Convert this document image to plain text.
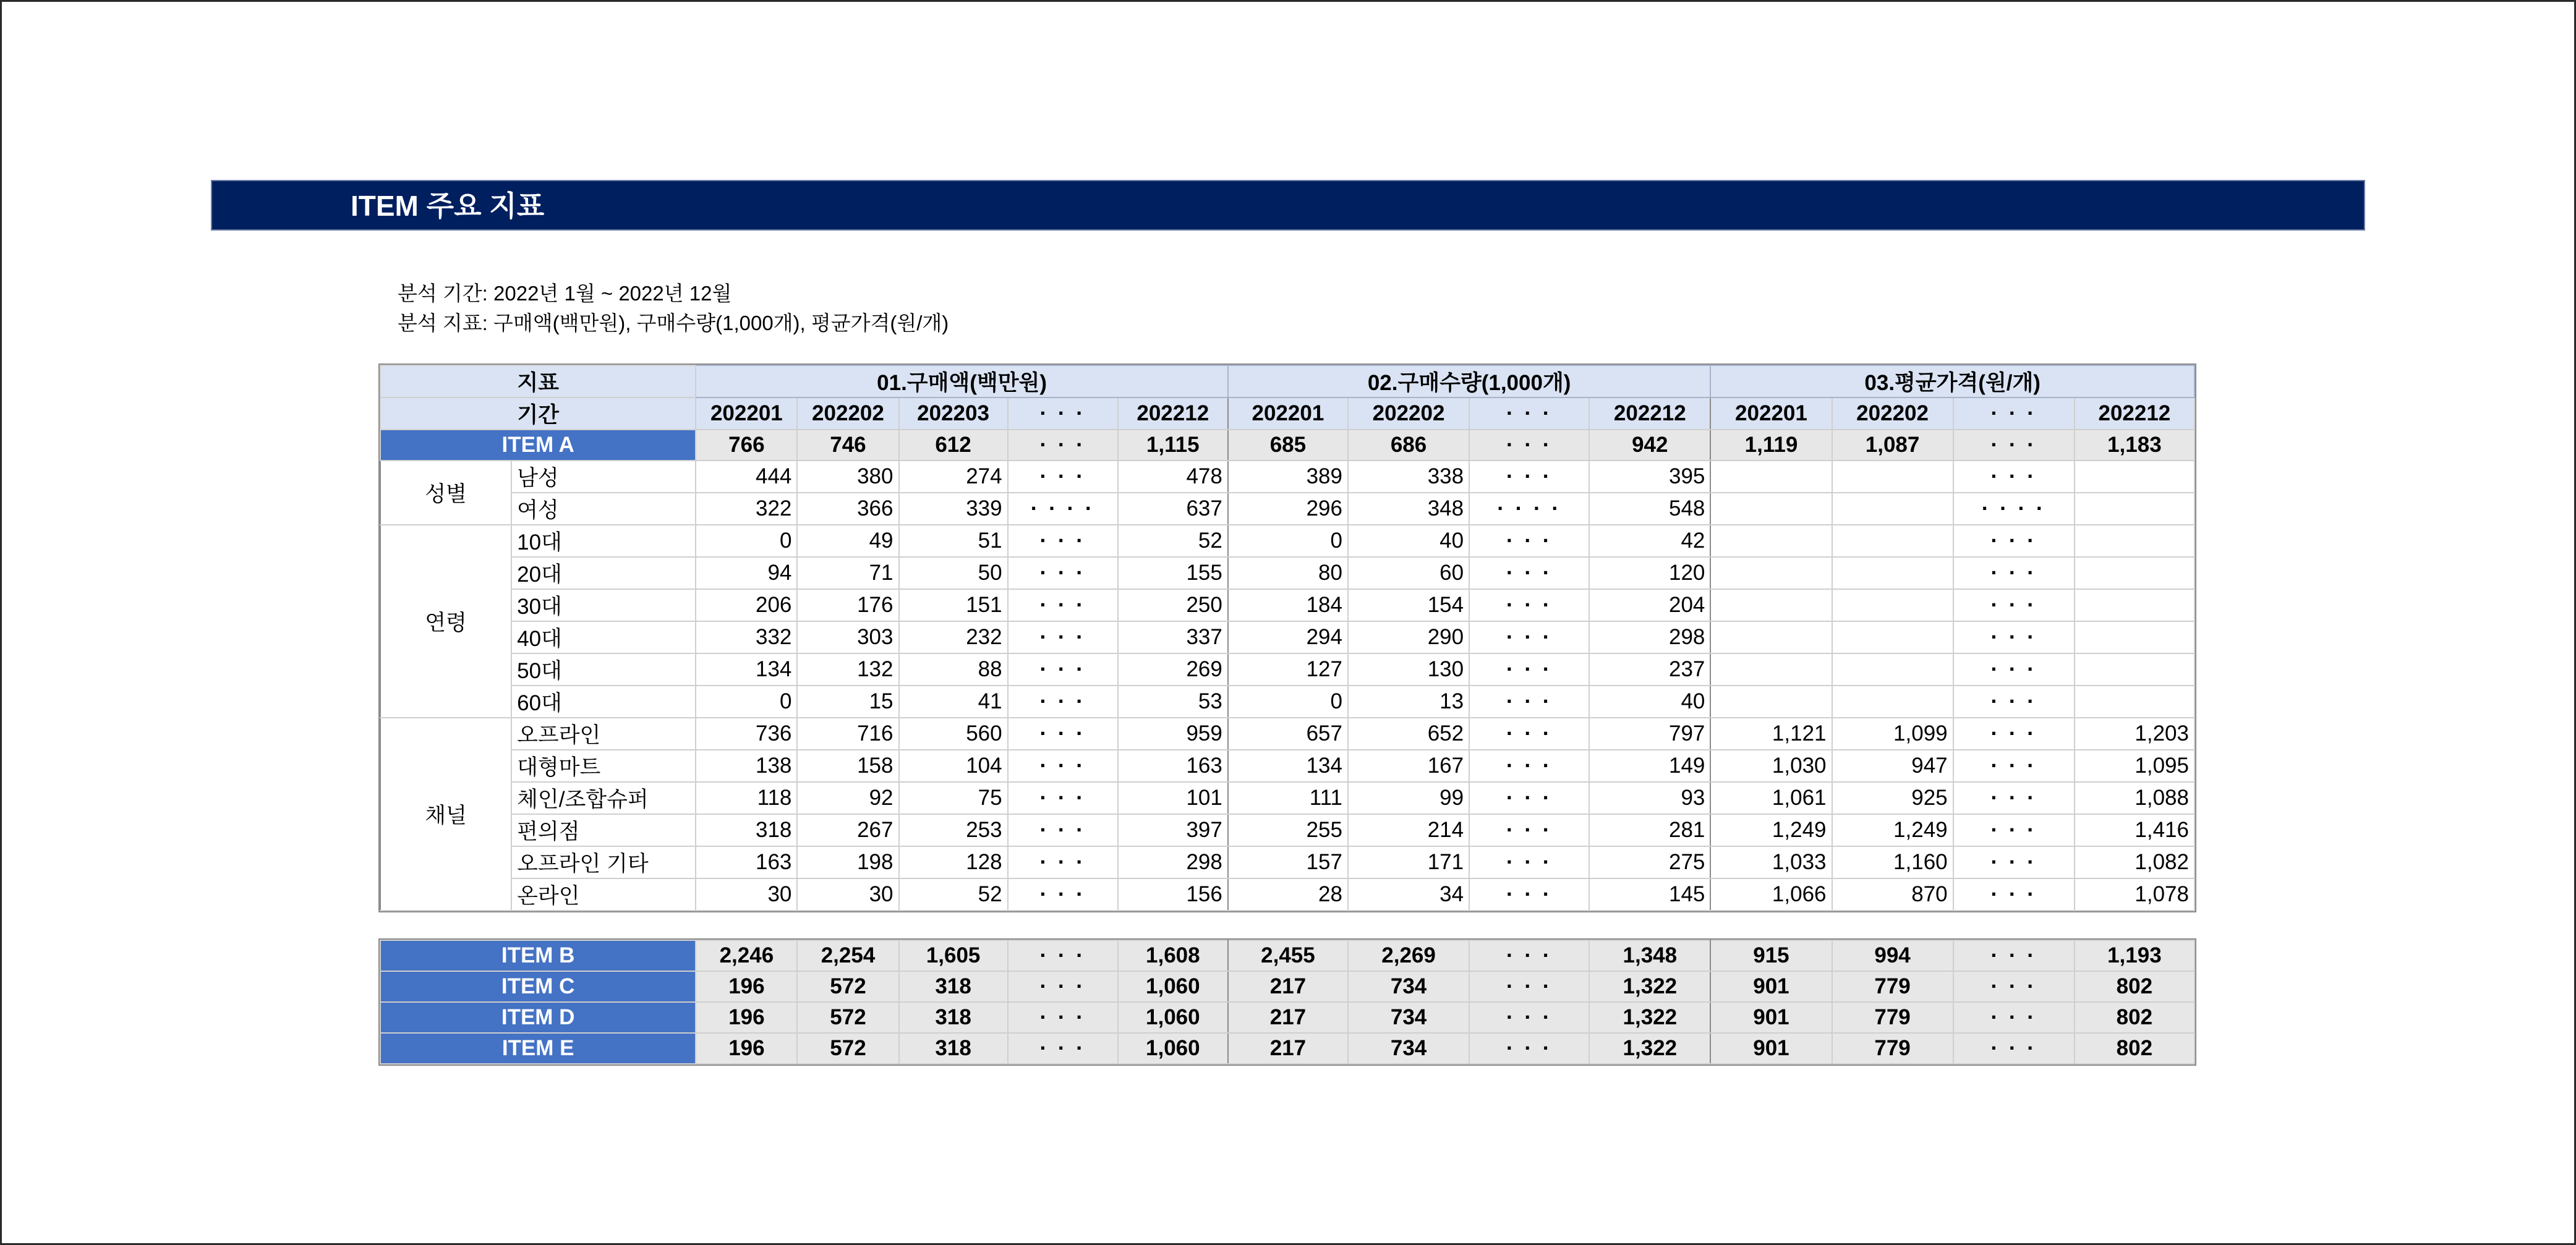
ITEM 주요 지표
분석 기간: 2022년 1월 ~ 2022년 12월
분석 지표: 구매액(백만원), 구매수량(1,000개), 평균가격(원/개)
지표		01.구매액(백만원)					02.구매수량(1,000개)				03.평균가격(원/개)			
기간		202201	202202	202203	· · ·	202212	202201	202202	· · ·	202212	202201	202202	· · ·	202212
ITEM A		766	746	612	· · ·	1,115	685	686	· · ·	942	1,119	1,087	· · ·	1,183
성별	남성	444	380	274	· · ·	478	389	338	· · ·	395			· · ·	
	여성	322	366	339	· · · ·	637	296	348	· · · ·	548			· · · ·	
연령	10대	0	49	51	· · ·	52	0	40	· · ·	42			· · ·	
	20대	94	71	50	· · ·	155	80	60	· · ·	120			· · ·	
	30대	206	176	151	· · ·	250	184	154	· · ·	204			· · ·	
	40대	332	303	232	· · ·	337	294	290	· · ·	298			· · ·	
	50대	134	132	88	· · ·	269	127	130	· · ·	237			· · ·	
	60대	0	15	41	· · ·	53	0	13	· · ·	40			· · ·	
채널	오프라인	736	716	560	· · ·	959	657	652	· · ·	797	1,121	1,099	· · ·	1,203
	대형마트	138	158	104	· · ·	163	134	167	· · ·	149	1,030	947	· · ·	1,095
	체인/조합슈퍼	118	92	75	· · ·	101	111	99	· · ·	93	1,061	925	· · ·	1,088
	편의점	318	267	253	· · ·	397	255	214	· · ·	281	1,249	1,249	· · ·	1,416
	오프라인 기타	163	198	128	· · ·	298	157	171	· · ·	275	1,033	1,160	· · ·	1,082
	온라인	30	30	52	· · ·	156	28	34	· · ·	145	1,066	870	· · ·	1,078
ITEM B	2,246	2,254	1,605	· · ·	1,608	2,455	2,269	· · ·	1,348	915	994	· · ·	1,193
ITEM C	196	572	318	· · ·	1,060	217	734	· · ·	1,322	901	779	· · ·	802
ITEM D	196	572	318	· · ·	1,060	217	734	· · ·	1,322	901	779	· · ·	802
ITEM E	196	572	318	· · ·	1,060	217	734	· · ·	1,322	901	779	· · ·	802
